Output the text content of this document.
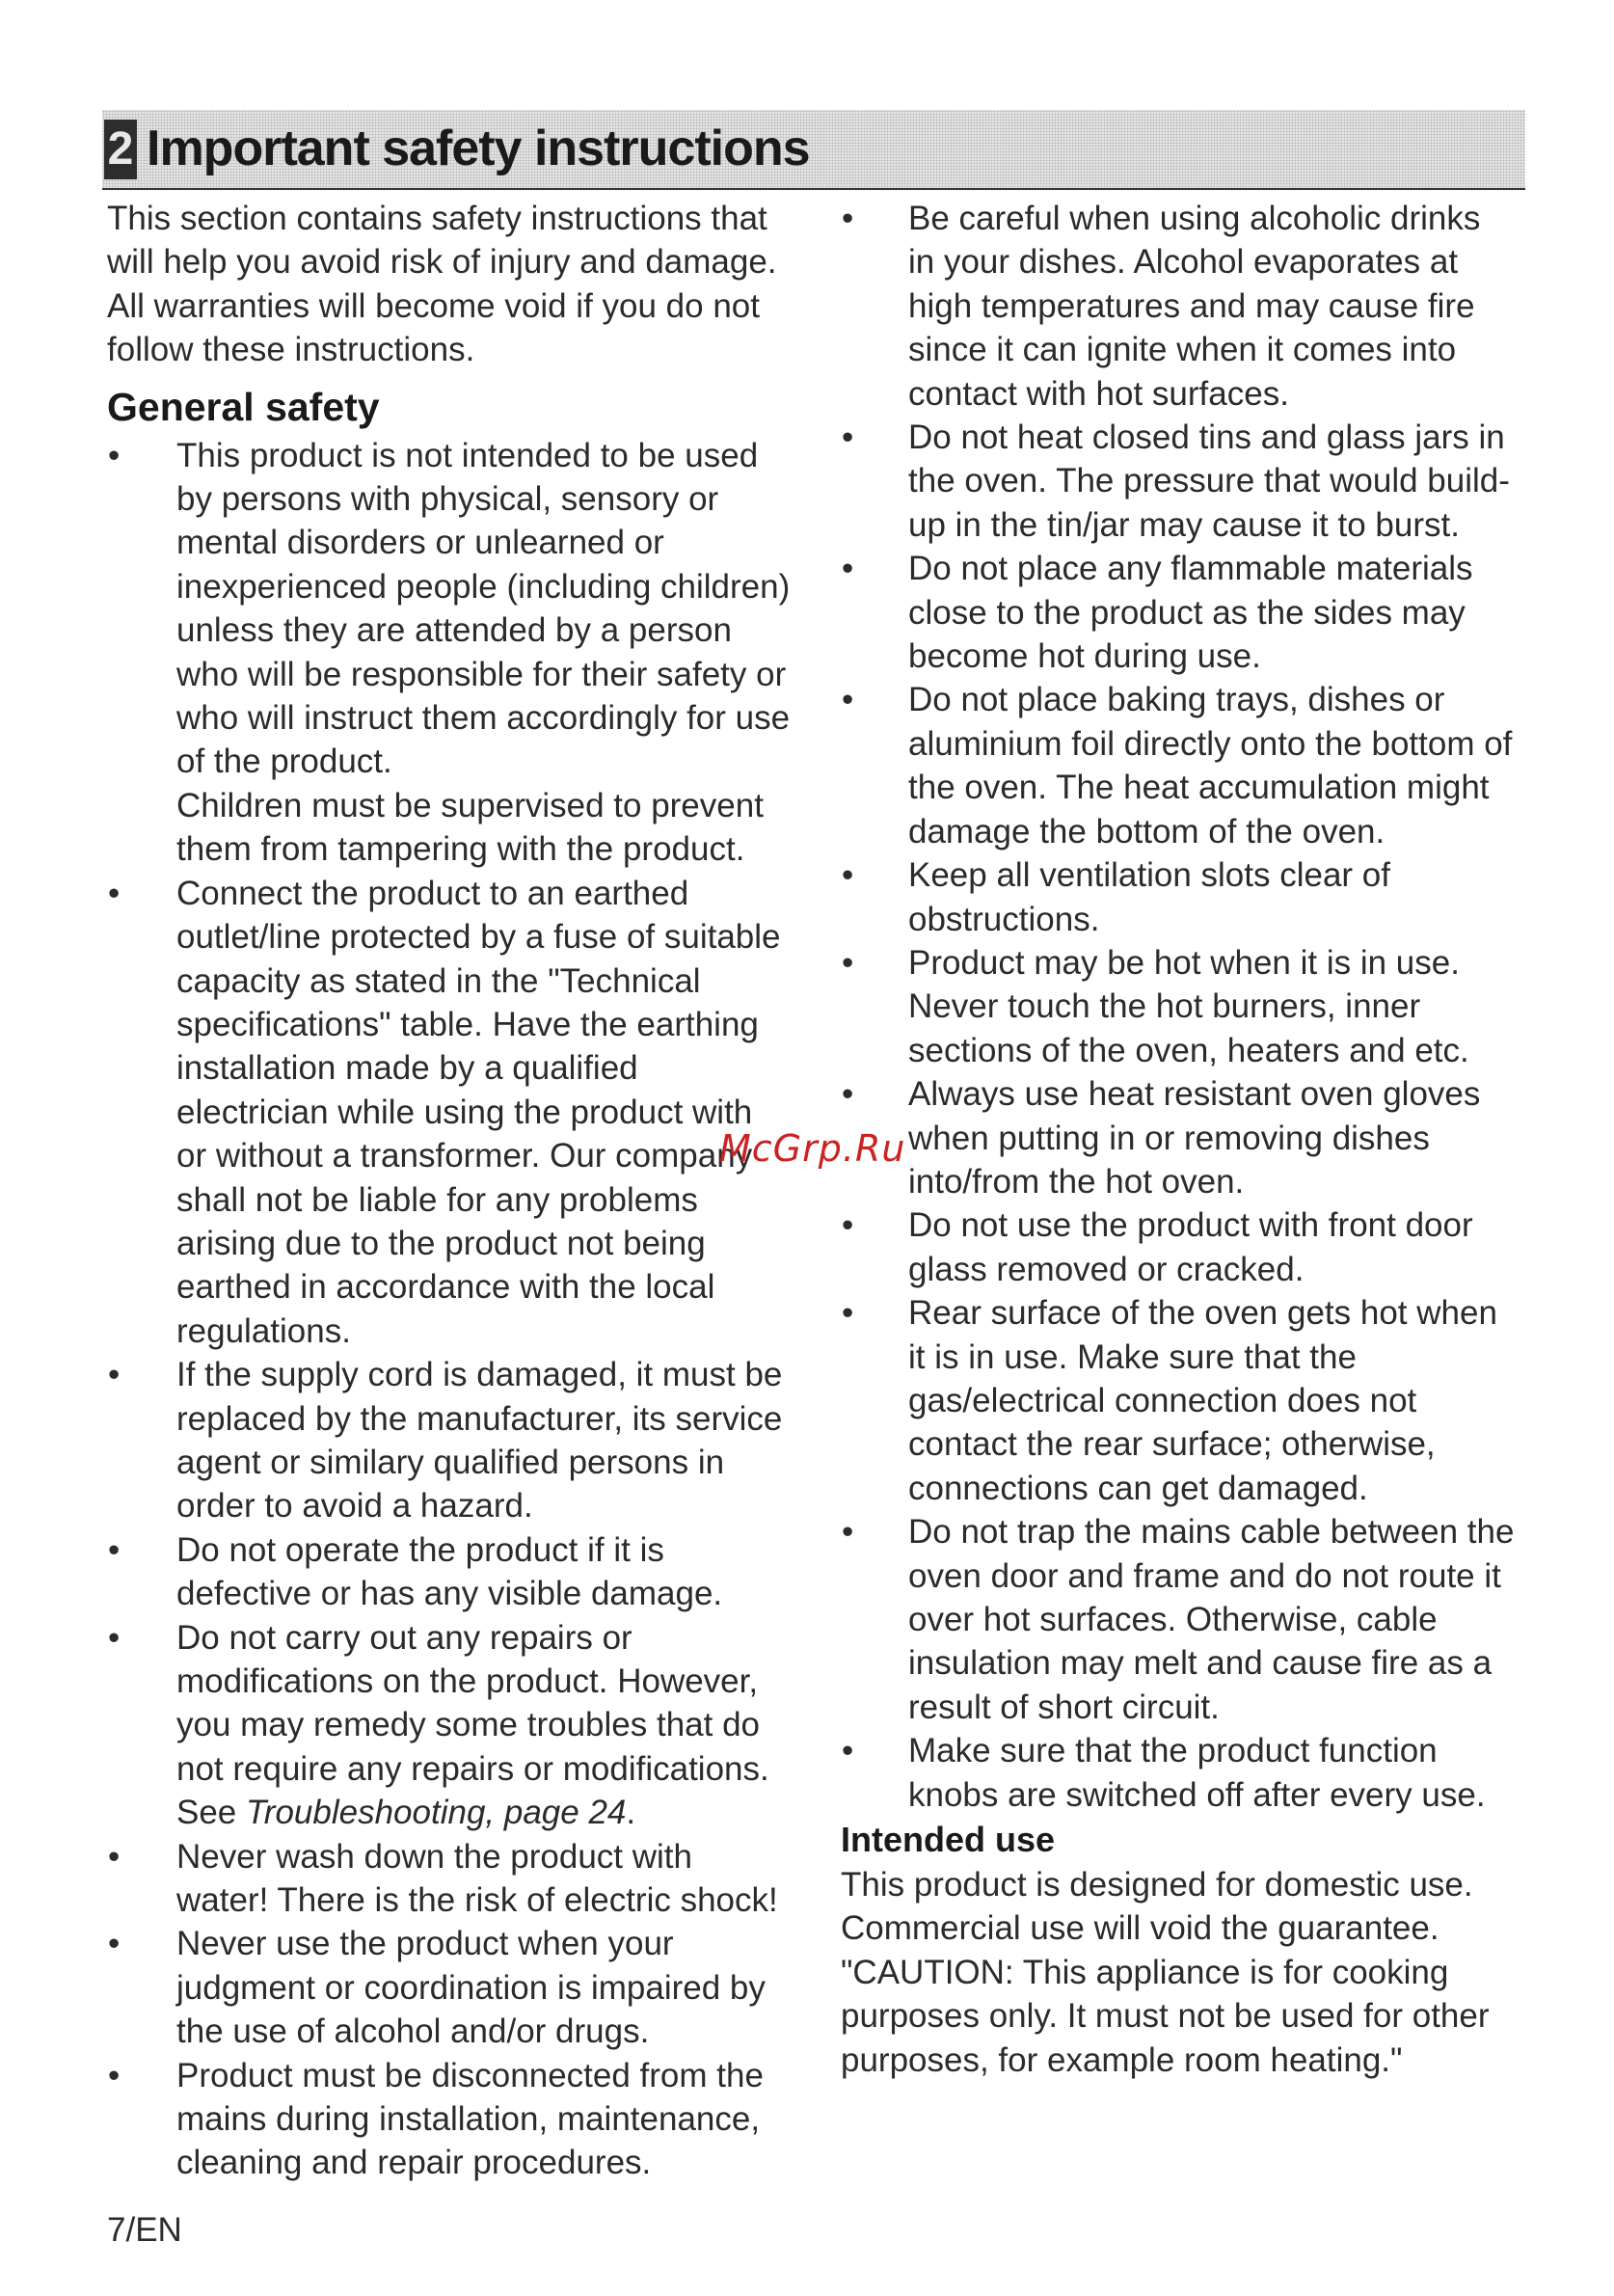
2 Important safety instructions

This section contains safety instructions that will help you avoid risk of injury and damage. All warranties will become void if you do not follow these instructions.

General safety
• This product is not intended to be used by persons with physical, sensory or mental disorders or unlearned or inexperienced people (including children) unless they are attended by a person who will be responsible for their safety or who will instruct them accordingly for use of the product.

Children must be supervised to prevent them from tampering with the product.

• Connect the product to an earthed outlet/line protected by a fuse of suitable capacity as stated in the "Technical specifications" table. Have the earthing installation made by a qualified electrician while using the product with or without a transformer. Our company shall not be liable for any problems arising due to the product not being earthed in accordance with the local regulations.
• If the supply cord is damaged, it must be replaced by the manufacturer, its service agent or similary qualified persons in order to avoid a hazard.
• Do not operate the product if it is defective or has any visible damage.
• Do not carry out any repairs or modifications on the product. However, you may remedy some troubles that do not require any repairs or modifications. See Troubleshooting, page 24.
• Never wash down the product with water! There is the risk of electric shock!
• Never use the product when your judgment or coordination is impaired by the use of alcohol and/or drugs.
• Product must be disconnected from the mains during installation, maintenance, cleaning and repair procedures.
• Be careful when using alcoholic drinks in your dishes. Alcohol evaporates at high temperatures and may cause fire since it can ignite when it comes into contact with hot surfaces.
• Do not heat closed tins and glass jars in the oven. The pressure that would build-up in the tin/jar may cause it to burst.
• Do not place any flammable materials close to the product as the sides may become hot during use.
• Do not place baking trays, dishes or aluminium foil directly onto the bottom of the oven. The heat accumulation might damage the bottom of the oven.
• Keep all ventilation slots clear of obstructions.
• Product may be hot when it is in use. Never touch the hot burners, inner sections of the oven, heaters and etc.
• Always use heat resistant oven gloves when putting in or removing dishes into/from the hot oven.
• Do not use the product with front door glass removed or cracked.
• Rear surface of the oven gets hot when it is in use. Make sure that the gas/electrical connection does not contact the rear surface; otherwise, connections can get damaged.
• Do not trap the mains cable between the oven door and frame and do not route it over hot surfaces. Otherwise, cable insulation may melt and cause fire as a result of short circuit.
• Make sure that the product function knobs are switched off after every use.
Intended use

This product is designed for domestic use. Commercial use will void the guarantee. "CAUTION: This appliance is for cooking purposes only. It must not be used for other purposes, for example room heating."

McGrp.Ru
7/EN
